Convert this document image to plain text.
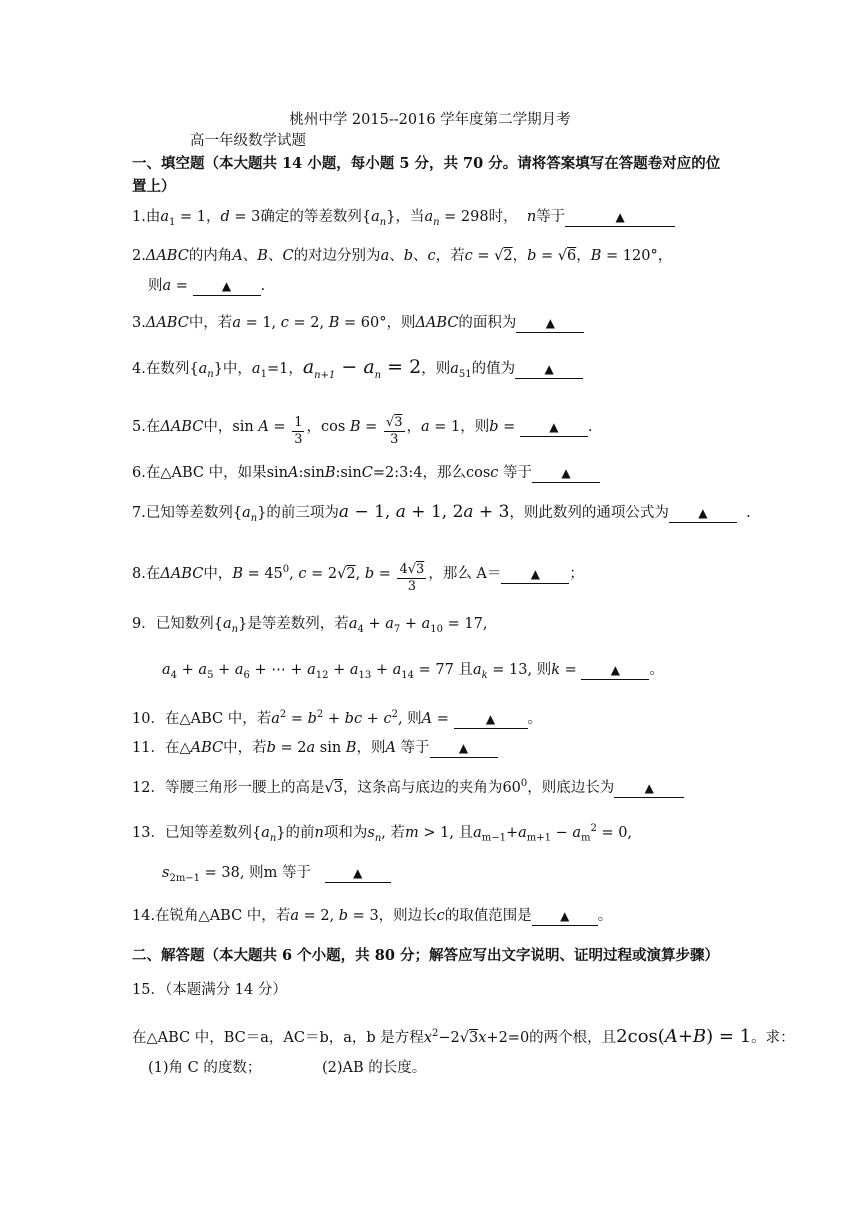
桃州中学 2015--2016 学年度第二学期月考
高一年级数学试题
一、填空题（本大题共 14 小题，每小题 5 分，共 70 分。请将答案填写在答题卷对应的位
置上）
1.由$a_1 = 1$，d = 3确定的等差数列$\{a_n\}$，当$a_n = 298$时， n等于	▲
2.ΔABC的内角A、B、C的对边分别为a、b、c，若c = √2，b = √6，B = 120°，
则a = ▲ .
3.ΔABC中，若a = 1, c = 2, B = 60°，则ΔABC的面积为 ▲
4.在数列$\{a_n\}$中，$a_1=1$，$a_{n+1} - a_n = 2$，则$a_{51}$的值为 ▲
5.在ΔABC中，$\sin A = \frac{1}{3}$ ，$\cos B = \frac{√3}{3}$ ，a = 1，则b = ▲ .
6.在△ABC 中，如果sinA:sinB:sinC=2:3:4，那么cosc 等于 ▲
7.已知等差数列$\{a_n\}$的前三项为a − 1, a + 1, 2a + 3，则此数列的通项公式为 ▲  .
8.在ΔABC中，$B = 45^0$, c = 2√2, $b = \frac{4√3}{3}$ ，那么 A＝ ▲ ；
9．已知数列$\{a_n\}$是等差数列，若$a_4 + a_7 + a_{10} = 17$,
$a_4 + a_5 + a_6$ + ⋯ + $a_{12} + a_{13} + a_{14} = 77$ 且$a_k = 13$, 则k = ▲ 。
10．在△ABC 中，若$a^2 = b^2$ + bc + $c^2$, 则A =	▲ 。
11．在△ABC中，若b = 2a sin B，则A 等于 ▲
12．等腰三角形一腰上的高是√3，这条高与底边的夹角为$60^0$，则底边长为	▲
13．已知等差数列$\{a_n\}$的前n项和为$s_n$, 若m > 1, 且$a_{m-1}+a_{m+1} - a_m^2 = 0$,
$s_{2m-1} = 38$, 则m 等于	▲
14.在锐角△ABC 中，若a = 2, b = 3，则边长c的取值范围是 ▲ 。
二、解答题（本大题共 6 个小题，共 80 分；解答应写出文字说明、证明过程或演算步骤）
15．（本题满分 14 分）
在△ABC 中，BC＝a，AC＝b，a，b 是方程$x^2-2√3x+2=0$的两个根，且2cos(A+B) = 1。求：
(1)角 C 的度数；	(2)AB 的长度。
